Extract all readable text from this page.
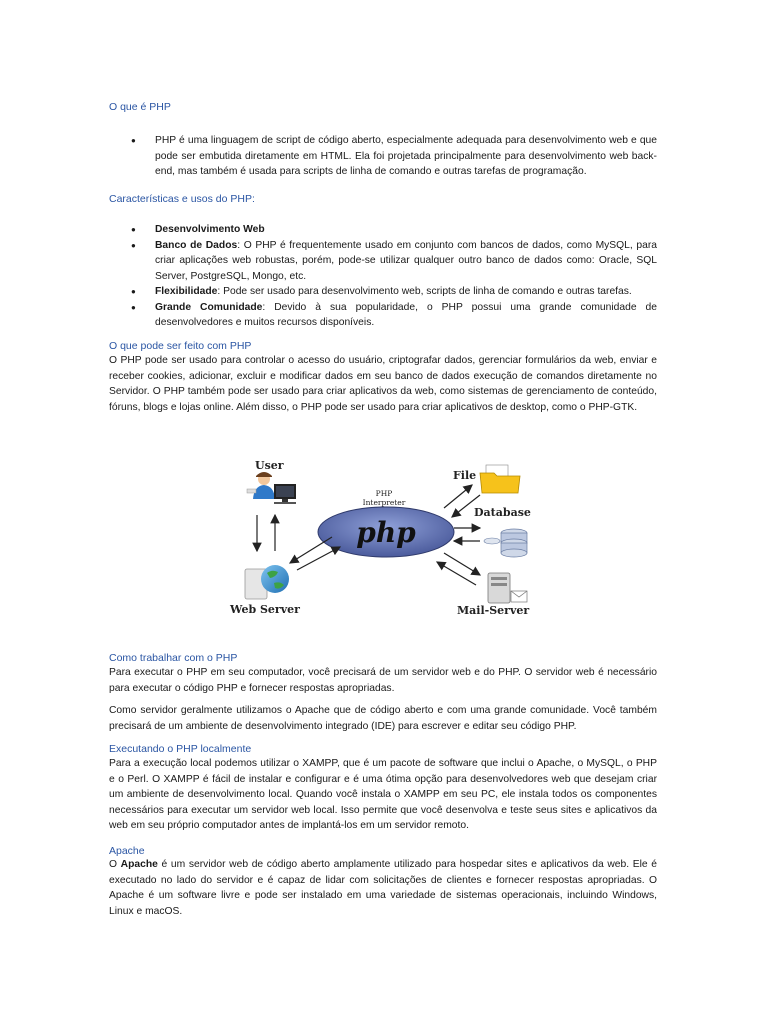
O que é PHP
● PHP é uma linguagem de script de código aberto, especialmente adequada para desenvolvimento web e que pode ser embutida diretamente em HTML. Ela foi projetada principalmente para desenvolvimento web back-end, mas também é usada para scripts de linha de comando e outras tarefas de programação.
Características e usos do PHP:
● Desenvolvimento Web
● Banco de Dados: O PHP é frequentemente usado em conjunto com bancos de dados, como MySQL, para criar aplicações web robustas, porém, pode-se utilizar qualquer outro banco de dados como: Oracle, SQL Server, PostgreSQL, Mongo, etc.
● Flexibilidade: Pode ser usado para desenvolvimento web, scripts de linha de comando e outras tarefas.
● Grande Comunidade: Devido à sua popularidade, o PHP possui uma grande comunidade de desenvolvedores e muitos recursos disponíveis.
O que pode ser feito com PHP

O PHP pode ser usado para controlar o acesso do usuário, criptografar dados, gerenciar formulários da web, enviar e receber cookies, adicionar, excluir e modificar dados em seu banco de dados execução de comandos diretamente no Servidor. O PHP também pode ser usado para criar aplicativos da web, como sistemas de gerenciamento de conteúdo, fóruns, blogs e lojas online. Além disso, o PHP pode ser usado para criar aplicativos de desktop, como o PHP-GTK.

User
Web Server
PHP
Interpreter
php
File
Database
Mail-Server
Como trabalhar com o PHP

Para executar o PHP em seu computador, você precisará de um servidor web e do PHP. O servidor web é necessário para executar o código PHP e fornecer respostas apropriadas.

Como servidor geralmente utilizamos o Apache que de código aberto e com uma grande comunidade. Você também precisará de um ambiente de desenvolvimento integrado (IDE) para escrever e editar seu código PHP.

Executando o PHP localmente

Para a execução local podemos utilizar o XAMPP, que é um pacote de software que inclui o Apache, o MySQL, o PHP e o Perl. O XAMPP é fácil de instalar e configurar e é uma ótima opção para desenvolvedores web que desejam criar um ambiente de desenvolvimento local. Quando você instala o XAMPP em seu PC, ele instala todos os componentes necessários para executar um servidor web local. Isso permite que você desenvolva e teste seus sites e aplicativos da web em seu próprio computador antes de implantá-los em um servidor remoto.

Apache

O Apache é um servidor web de código aberto amplamente utilizado para hospedar sites e aplicativos da web. Ele é executado no lado do servidor e é capaz de lidar com solicitações de clientes e fornecer respostas apropriadas. O Apache é um software livre e pode ser instalado em uma variedade de sistemas operacionais, incluindo Windows, Linux e macOS.
